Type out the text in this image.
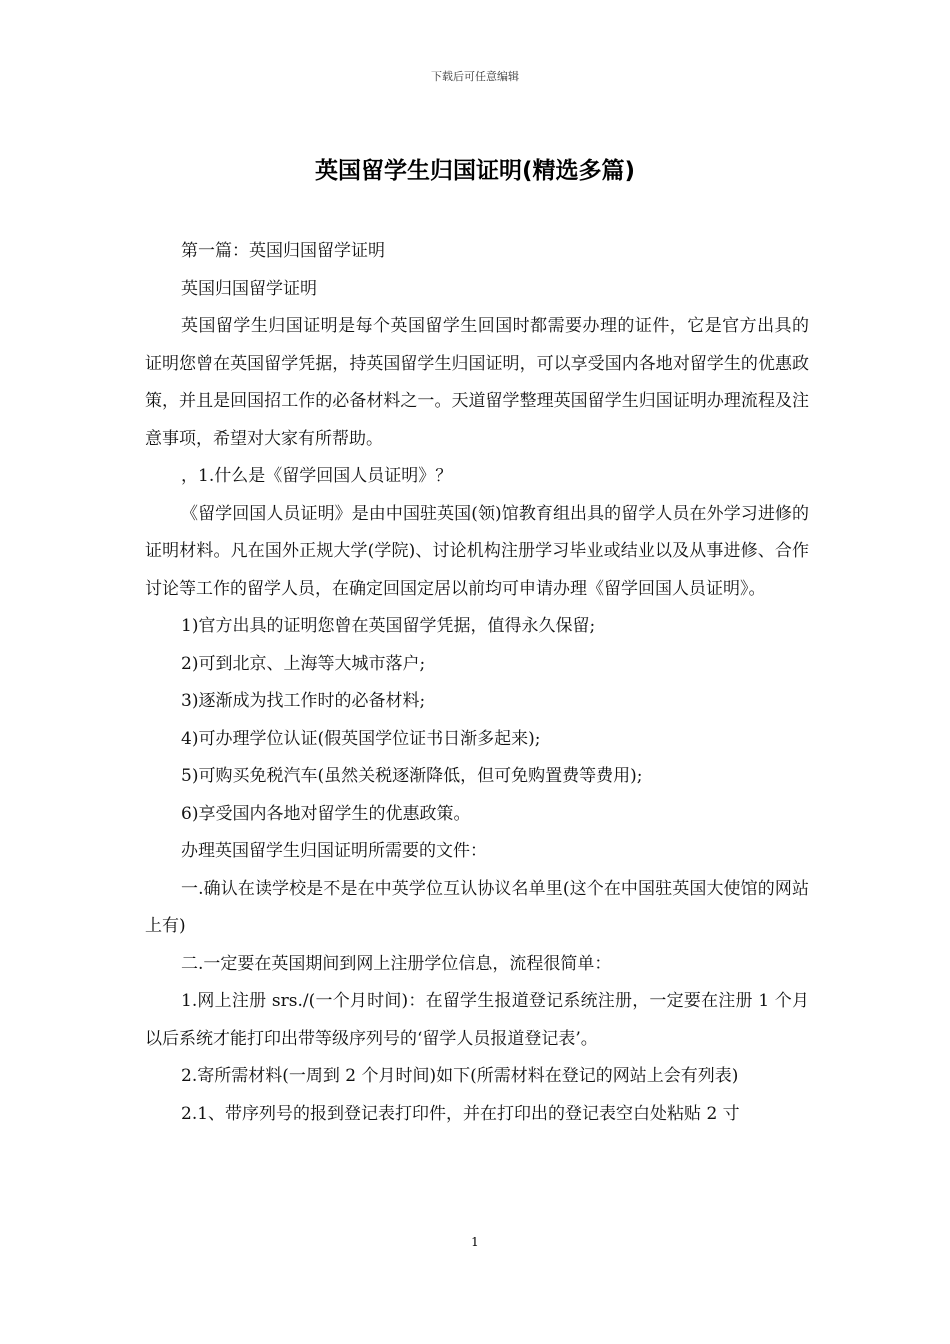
下载后可任意编辑
英国留学生归国证明(精选多篇)

第一篇：英国归国留学证明

英国归国留学证明

英国留学生归国证明是每个英国留学生回国时都需要办理的证件，它是官方出具的证明您曾在英国留学凭据，持英国留学生归国证明，可以享受国内各地对留学生的优惠政策，并且是回国招工作的必备材料之一。天道留学整理英国留学生归国证明办理流程及注意事项，希望对大家有所帮助。

，1.什么是《留学回国人员证明》？

《留学回国人员证明》是由中国驻英国(领)馆教育组出具的留学人员在外学习进修的证明材料。凡在国外正规大学(学院)、讨论机构注册学习毕业或结业以及从事进修、合作讨论等工作的留学人员，在确定回国定居以前均可申请办理《留学回国人员证明》。

1)官方出具的证明您曾在英国留学凭据，值得永久保留;

2)可到北京、上海等大城市落户;

3)逐渐成为找工作时的必备材料;

4)可办理学位认证(假英国学位证书日渐多起来);

5)可购买免税汽车(虽然关税逐渐降低，但可免购置费等费用);

6)享受国内各地对留学生的优惠政策。

办理英国留学生归国证明所需要的文件：

一.确认在读学校是不是在中英学位互认协议名单里(这个在中国驻英国大使馆的网站上有)

二.一定要在英国期间到网上注册学位信息，流程很简单：

1.网上注册 srs./(一个月时间)：在留学生报道登记系统注册，一定要在注册 1 个月以后系统才能打印出带等级序列号的‘留学人员报道登记表’。

2.寄所需材料(一周到 2 个月时间)如下(所需材料在登记的网站上会有列表)

2.1、带序列号的报到登记表打印件，并在打印出的登记表空白处粘贴 2 寸

1
